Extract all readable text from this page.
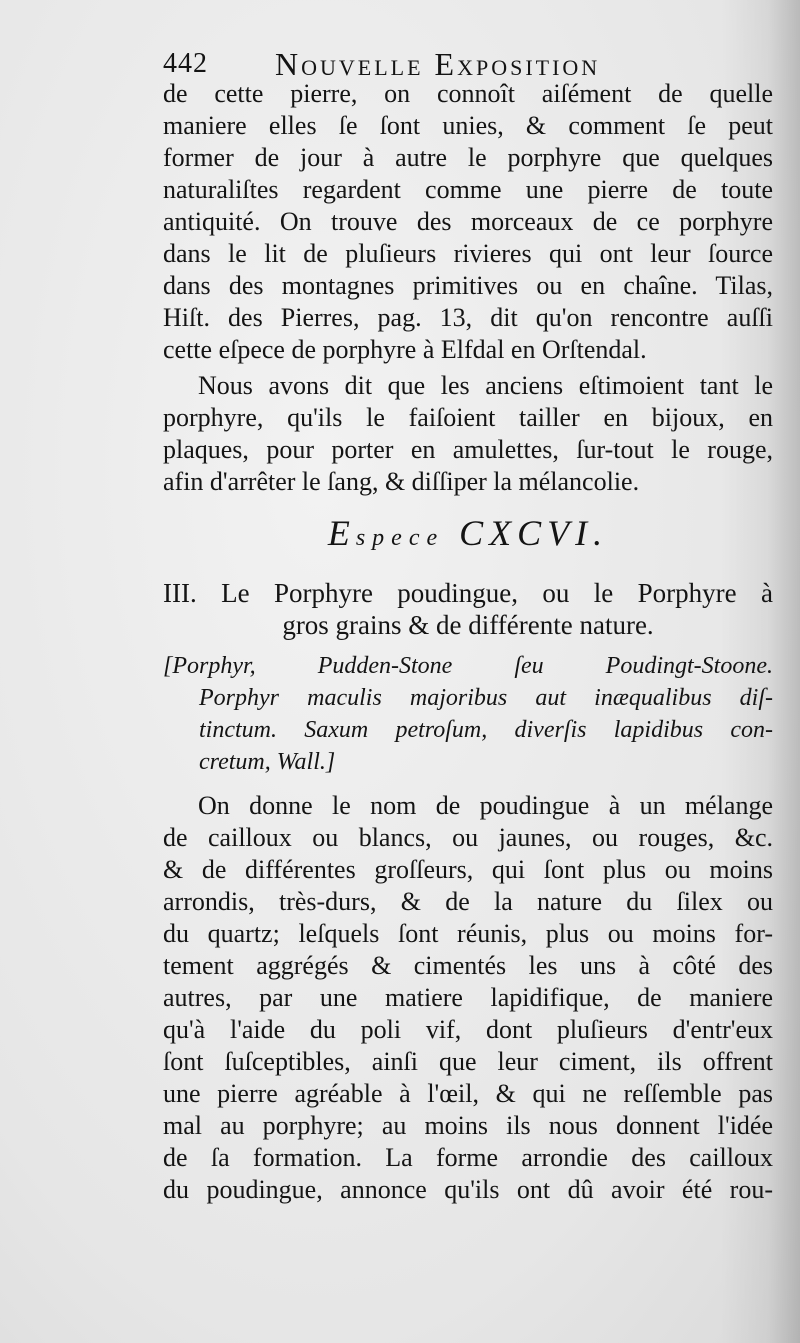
442 Nouvelle Exposition
de cette pierre, on connoît aiſément de quelle
maniere elles ſe ſont unies, & comment ſe peut
former de jour à autre le porphyre que quelques
naturaliſtes regardent comme une pierre de toute
antiquité. On trouve des morceaux de ce porphyre
dans le lit de pluſieurs rivieres qui ont leur ſource
dans des montagnes primitives ou en chaîne. Tilas,
Hiſt. des Pierres, pag. 13, dit qu'on rencontre auſſi
cette eſpece de porphyre à Elfdal en Orſtendal.
Nous avons dit que les anciens eſtimoient tant le
porphyre, qu'ils le faiſoient tailler en bijoux, en
plaques, pour porter en amulettes, ſur-tout le rouge,
afin d'arrêter le ſang, & diſſiper la mélancolie.
Espece CXCVI.
III. Le Porphyre poudingue, ou le Porphyre à
gros grains & de différente nature.
[Porphyr, Pudden-Stone ſeu Poudingt-Stoone.
Porphyr maculis majoribus aut inæqualibus diſ-
tinctum. Saxum petroſum, diverſis lapidibus con-
cretum, Wall.]
On donne le nom de poudingue à un mélange
de cailloux ou blancs, ou jaunes, ou rouges, &c.
& de différentes groſſeurs, qui ſont plus ou moins
arrondis, très-durs, & de la nature du ſilex ou
du quartz; leſquels ſont réunis, plus ou moins for-
tement aggrégés & cimentés les uns à côté des
autres, par une matiere lapidifique, de maniere
qu'à l'aide du poli vif, dont pluſieurs d'entr'eux
ſont ſuſceptibles, ainſi que leur ciment, ils offrent
une pierre agréable à l'œil, & qui ne reſſemble pas
mal au porphyre; au moins ils nous donnent l'idée
de ſa formation. La forme arrondie des cailloux
du poudingue, annonce qu'ils ont dû avoir été rou-
